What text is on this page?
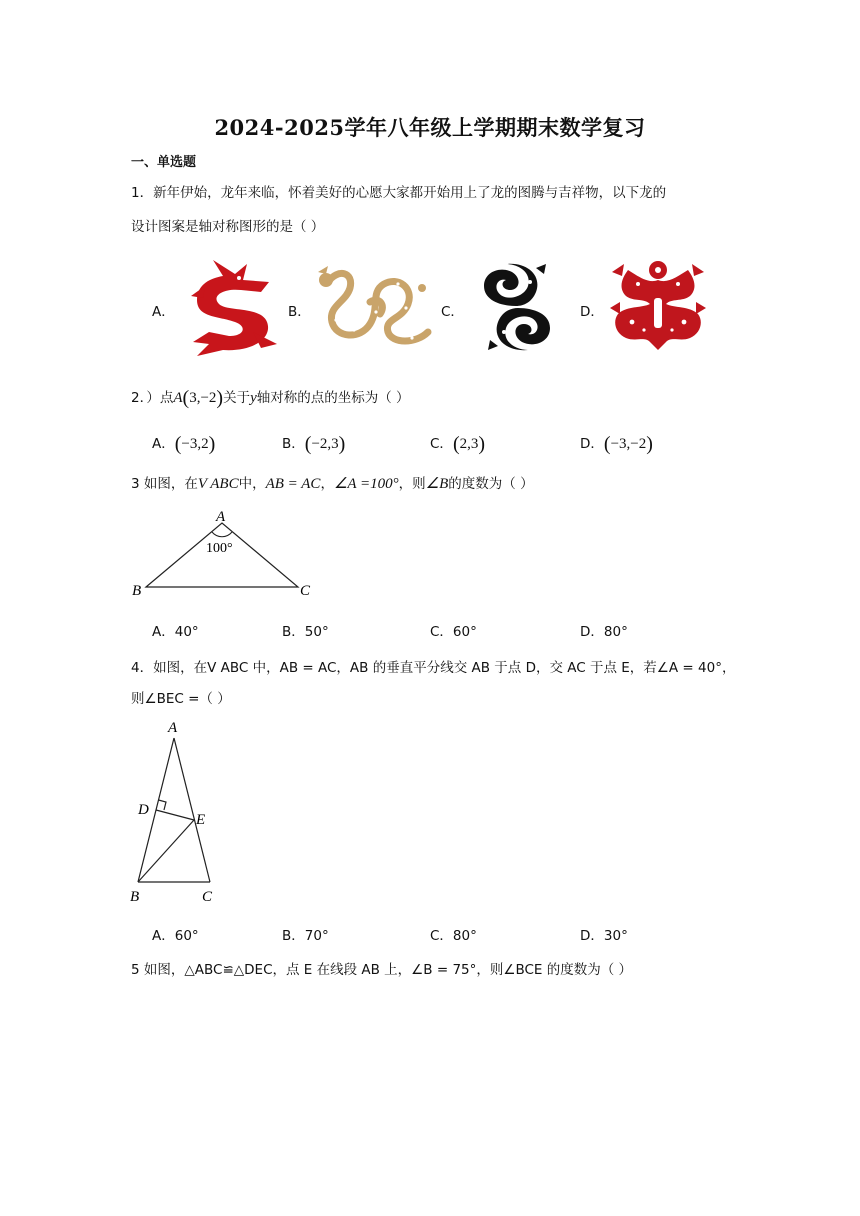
2024-2025学年八年级上学期期末数学复习
一、单选题
1．新年伊始，龙年来临，怀着美好的心愿大家都开始用上了龙的图腾与吉祥物，以下龙的
设计图案是轴对称图形的是（ ）
A．	B．	C．	D．
2．）点A(3,−2)关于y轴对称的点的坐标为（ ）
A．(−3,2)	B．(−2,3)	C．(2,3)	D．(−3,−2)
3 如图，在V ABC中，AB = AC，∠A =100°，则∠B的度数为（ ）
A
B	C
100°
A．40°	B．50°	C．60°	D．80°
4．如图，在V ABC 中，AB = AC，AB 的垂直平分线交 AB 于点 D，交 AC 于点 E，若∠A = 40°，
则∠BEC =（ ）
A
D
E
B	C
A．60°	B．70°	C．80°	D．30°
5 如图，△ABC≌△DEC，点 E 在线段 AB 上，∠B = 75°，则∠BCE 的度数为（ ）
